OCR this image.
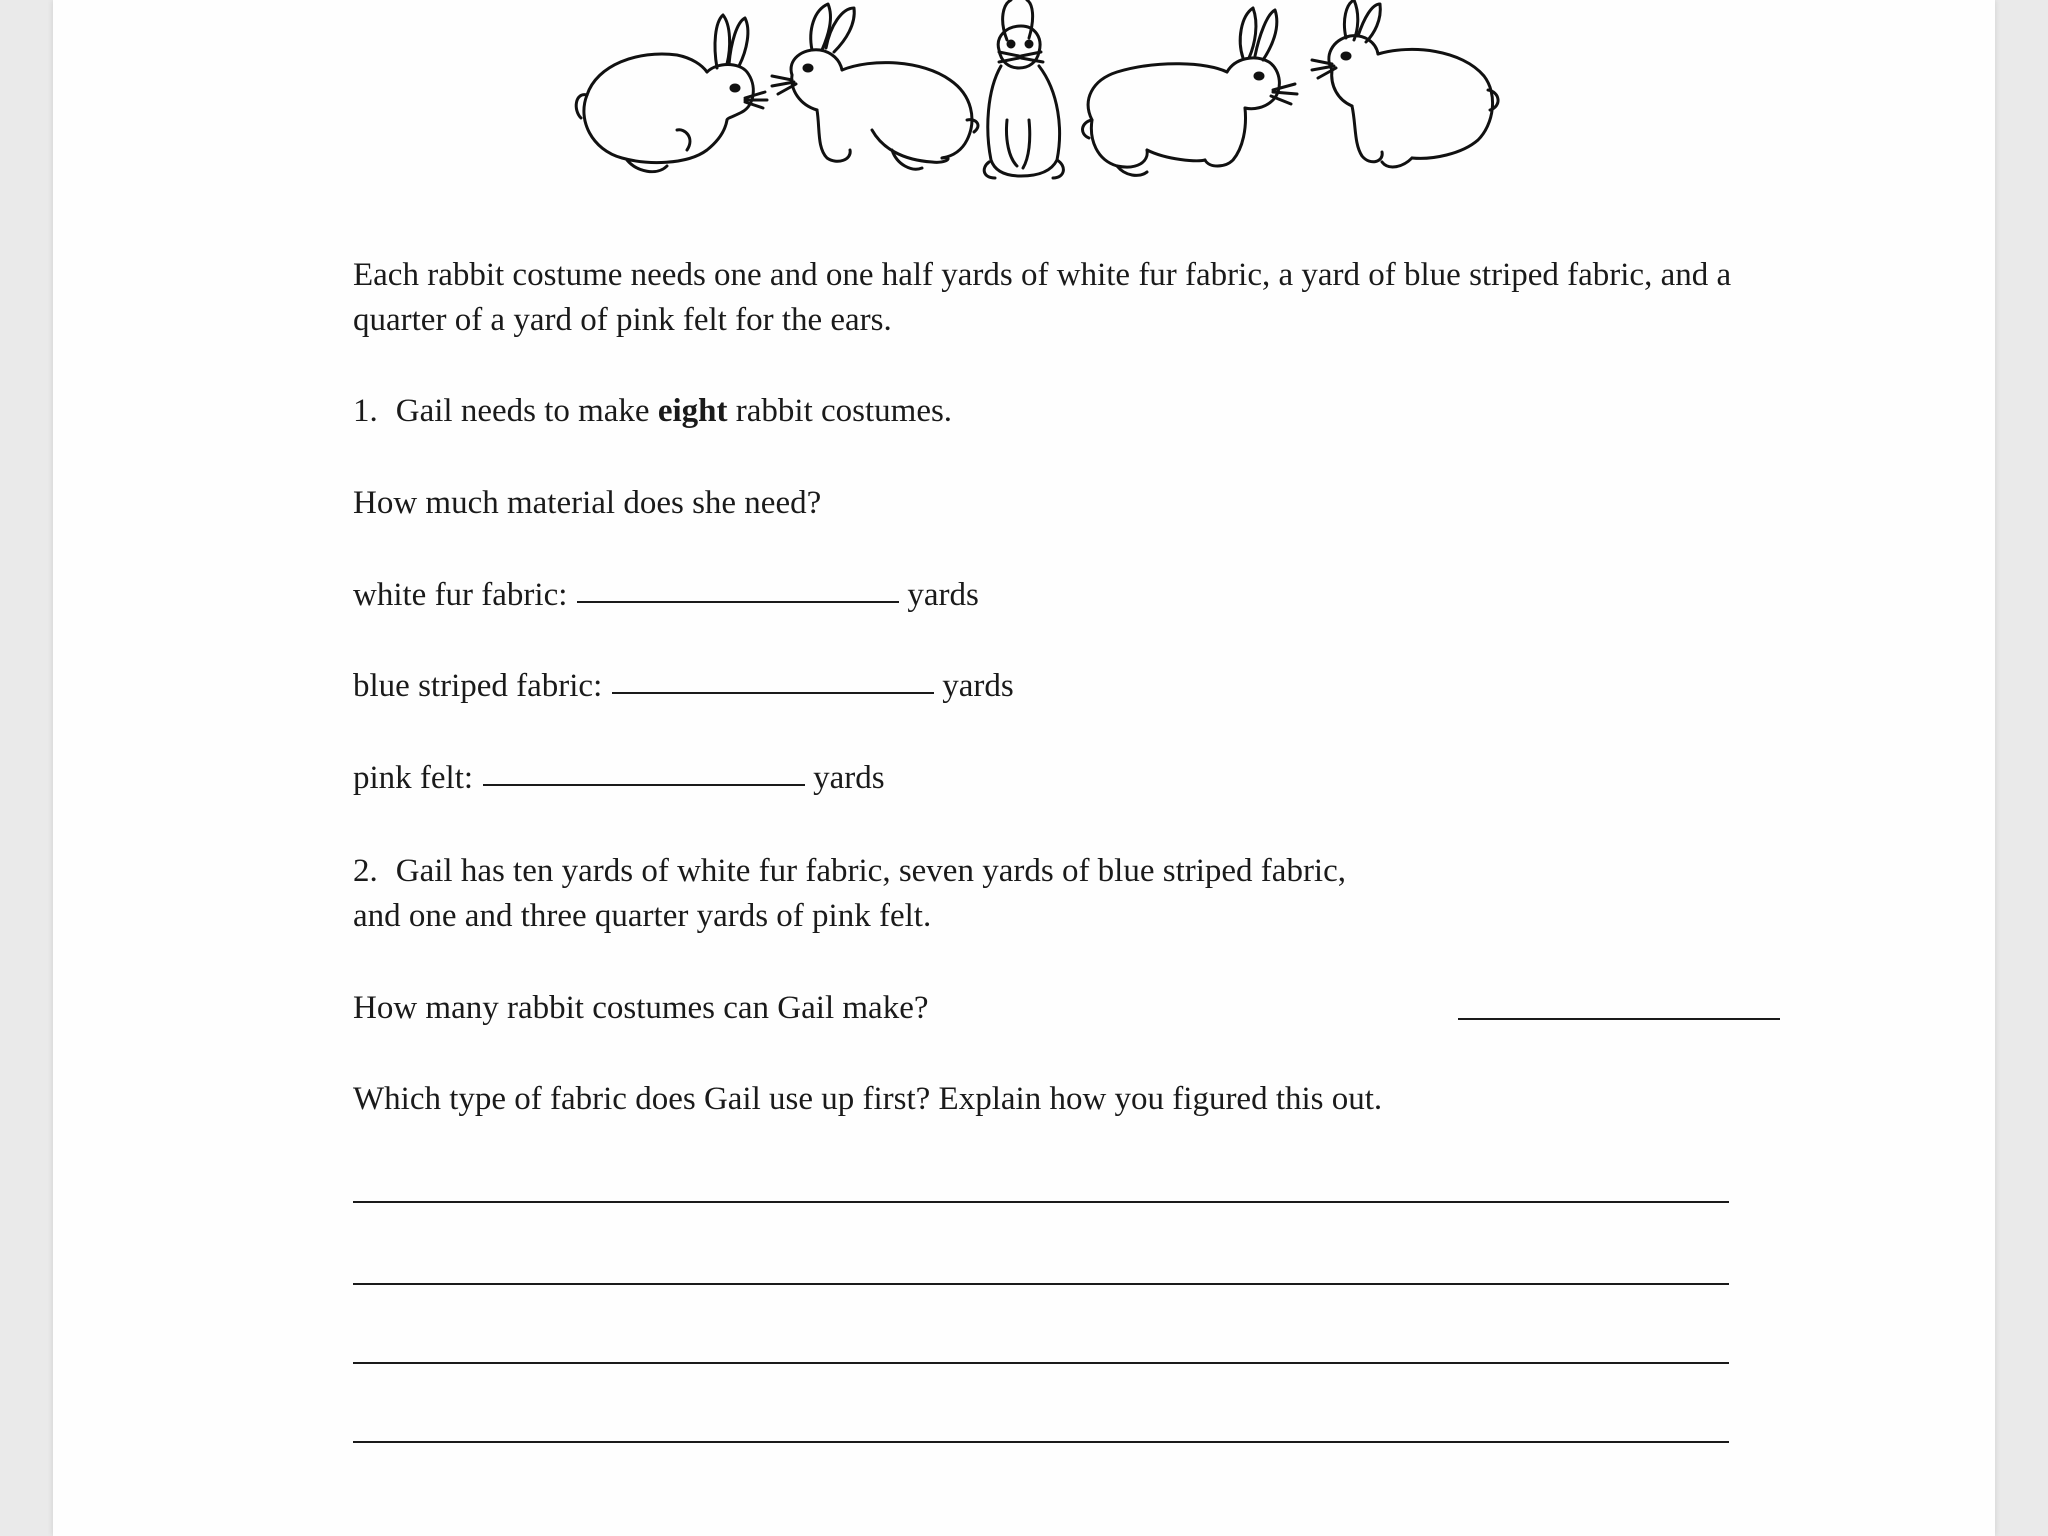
Each rabbit costume needs one and one half yards of white fur fabric, a yard of blue striped fabric, and a quarter of a yard of pink felt for the ears.
1. Gail needs to make eight rabbit costumes.
How much material does she need?
white fur fabric:	yards
blue striped fabric:	yards
pink felt:	yards
2. Gail has ten yards of white fur fabric, seven yards of blue striped fabric,
and one and three quarter yards of pink felt.
How many rabbit costumes can Gail make?
Which type of fabric does Gail use up first? Explain how you figured this out.
